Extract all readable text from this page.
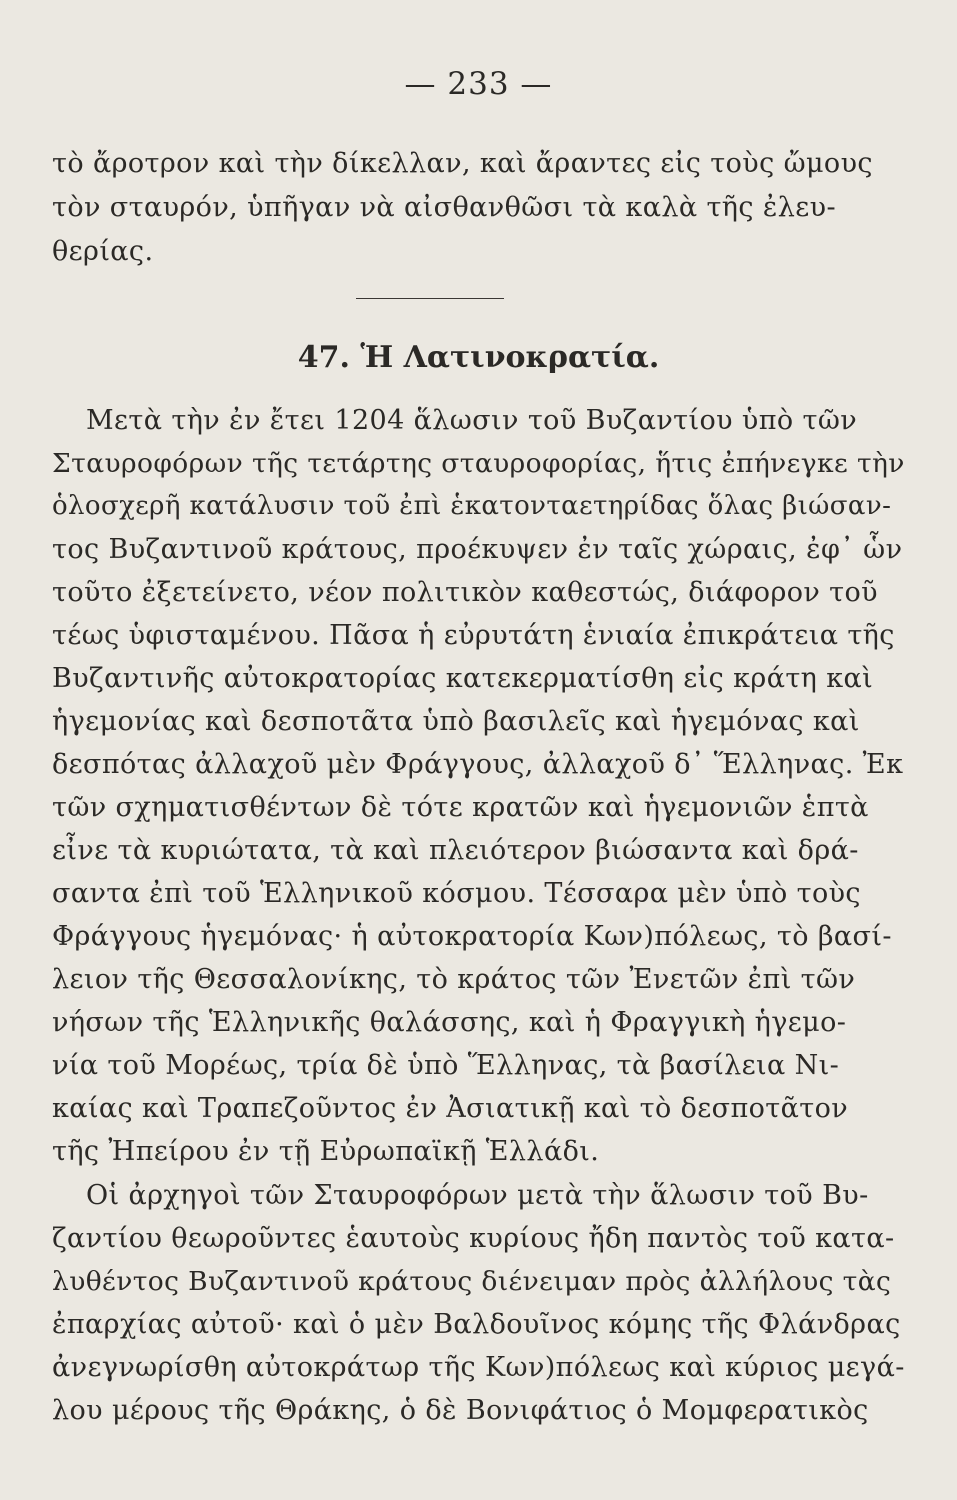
— 233 —
τὸ ἄροτρον καὶ τὴν δίκελλαν, καὶ ἄραντες εἰς τοὺς ὤμους
τὸν σταυρόν, ὑπῆγαν νὰ αἰσθανθῶσι τὰ καλὰ τῆς ἐλευ-
θερίας.
47. Ἡ Λατινοκρατία.
Μετὰ τὴν ἐν ἔτει 1204 ἅλωσιν τοῦ Βυζαντίου ὑπὸ τῶν
Σταυροφόρων τῆς τετάρτης σταυροφορίας, ἥτις ἐπήνεγκε τὴν
ὁλοσχερῆ κατάλυσιν τοῦ ἐπὶ ἑκατονταετηρίδας ὅλας βιώσαν-
τος Βυζαντινοῦ κράτους, προέκυψεν ἐν ταῖς χώραις, ἐφ᾽ ὧν
τοῦτο ἐξετείνετο, νέον πολιτικὸν καθεστώς, διάφορον τοῦ
τέως ὑφισταμένου. Πᾶσα ἡ εὐρυτάτη ἑνιαία ἐπικράτεια τῆς
Βυζαντινῆς αὐτοκρατορίας κατεκερματίσθη εἰς κράτη καὶ
ἡγεμονίας καὶ δεσποτᾶτα ὑπὸ βασιλεῖς καὶ ἡγεμόνας καὶ
δεσπότας ἀλλαχοῦ μὲν Φράγγους, ἀλλαχοῦ δ᾽ Ἕλληνας. Ἐκ
τῶν σχηματισθέντων δὲ τότε κρατῶν καὶ ἡγεμονιῶν ἑπτὰ
εἶνε τὰ κυριώτατα, τὰ καὶ πλειότερον βιώσαντα καὶ δρά-
σαντα ἐπὶ τοῦ Ἑλληνικοῦ κόσμου. Τέσσαρα μὲν ὑπὸ τοὺς
Φράγγους ἡγεμόνας· ἡ αὐτοκρατορία Κων)πόλεως, τὸ βασί-
λειον τῆς Θεσσαλονίκης, τὸ κράτος τῶν Ἐνετῶν ἐπὶ τῶν
νήσων τῆς Ἑλληνικῆς θαλάσσης, καὶ ἡ Φραγγικὴ ἡγεμο-
νία τοῦ Μορέως, τρία δὲ ὑπὸ Ἕλληνας, τὰ βασίλεια Νι-
καίας καὶ Τραπεζοῦντος ἐν Ἀσιατικῇ καὶ τὸ δεσποτᾶτον
τῆς Ἠπείρου ἐν τῇ Εὐρωπαϊκῇ Ἑλλάδι.
Οἱ ἀρχηγοὶ τῶν Σταυροφόρων μετὰ τὴν ἅλωσιν τοῦ Βυ-
ζαντίου θεωροῦντες ἑαυτοὺς κυρίους ἤδη παντὸς τοῦ κατα-
λυθέντος Βυζαντινοῦ κράτους διένειμαν πρὸς ἀλλήλους τὰς
ἐπαρχίας αὐτοῦ· καὶ ὁ μὲν Βαλδουῖνος κόμης τῆς Φλάνδρας
ἀνεγνωρίσθη αὐτοκράτωρ τῆς Κων)πόλεως καὶ κύριος μεγά-
λου μέρους τῆς Θράκης, ὁ δὲ Βονιφάτιος ὁ Μομφερατικὸς
